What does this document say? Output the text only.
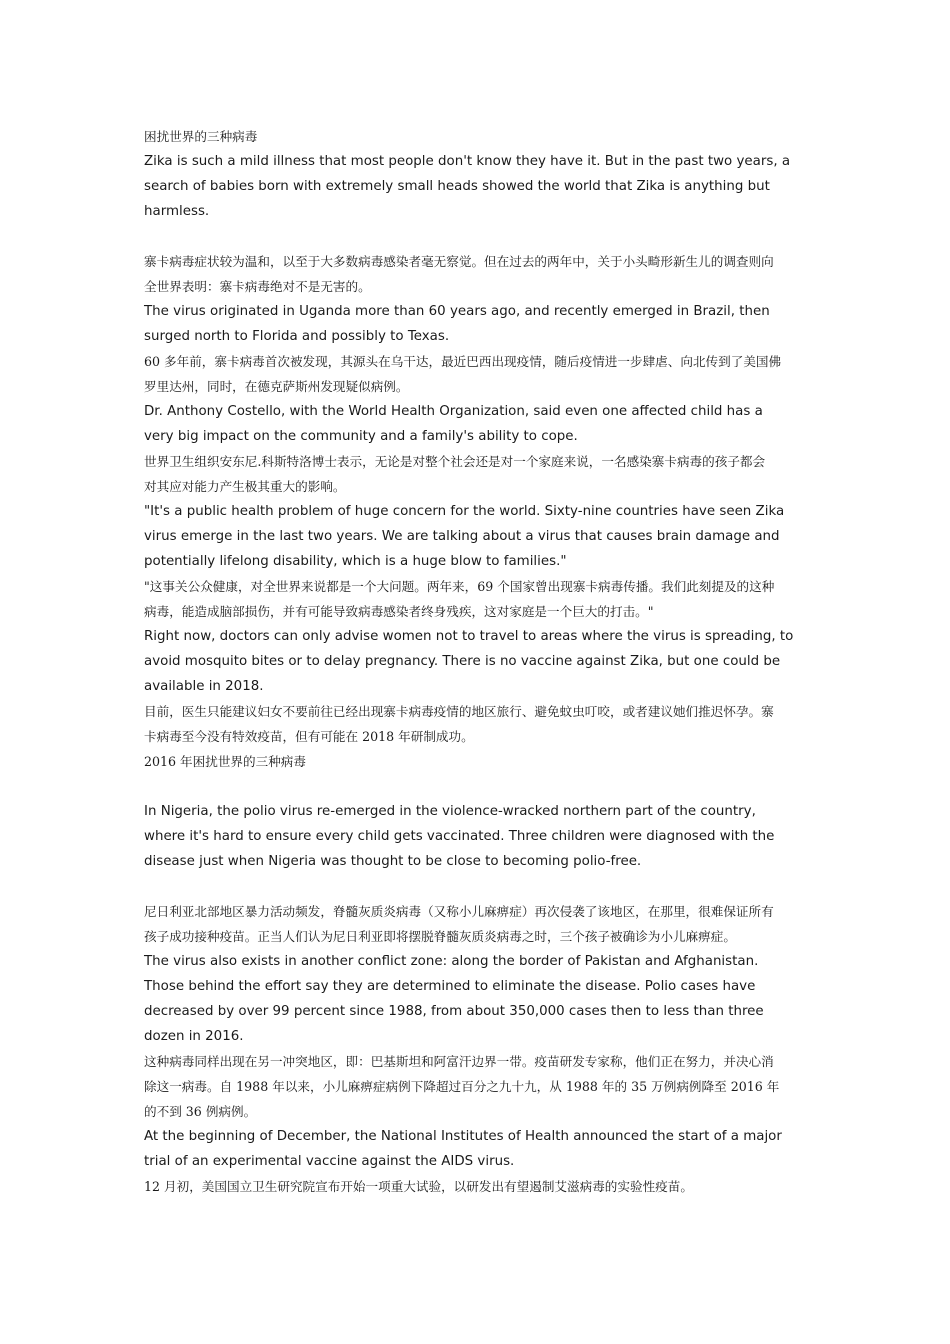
困扰世界的三种病毒
Zika is such a mild illness that most people don't know they have it. But in the past two years, a
search of babies born with extremely small heads showed the world that Zika is anything but
harmless.
寨卡病毒症状较为温和，以至于大多数病毒感染者毫无察觉。但在过去的两年中，关于小头畸形新生儿的调查则向
全世界表明：寨卡病毒绝对不是无害的。
The virus originated in Uganda more than 60 years ago, and recently emerged in Brazil, then
surged north to Florida and possibly to Texas.
60 多年前，寨卡病毒首次被发现，其源头在乌干达，最近巴西出现疫情，随后疫情进一步肆虐、向北传到了美国佛
罗里达州，同时，在德克萨斯州发现疑似病例。
Dr. Anthony Costello, with the World Health Organization, said even one affected child has a
very big impact on the community and a family's ability to cope.
世界卫生组织安东尼.科斯特洛博士表示，无论是对整个社会还是对一个家庭来说，一名感染寨卡病毒的孩子都会
对其应对能力产生极其重大的影响。
"It's a public health problem of huge concern for the world. Sixty-nine countries have seen Zika
virus emerge in the last two years. We are talking about a virus that causes brain damage and
potentially lifelong disability, which is a huge blow to families."
"这事关公众健康，对全世界来说都是一个大问题。两年来，69 个国家曾出现寨卡病毒传播。我们此刻提及的这种
病毒，能造成脑部损伤，并有可能导致病毒感染者终身残疾，这对家庭是一个巨大的打击。"
Right now, doctors can only advise women not to travel to areas where the virus is spreading, to
avoid mosquito bites or to delay pregnancy. There is no vaccine against Zika, but one could be
available in 2018.
目前，医生只能建议妇女不要前往已经出现寨卡病毒疫情的地区旅行、避免蚊虫叮咬，或者建议她们推迟怀孕。寨
卡病毒至今没有特效疫苗，但有可能在 2018 年研制成功。
2016 年困扰世界的三种病毒
In Nigeria, the polio virus re-emerged in the violence-wracked northern part of the country,
where it's hard to ensure every child gets vaccinated. Three children were diagnosed with the
disease just when Nigeria was thought to be close to becoming polio-free.
尼日利亚北部地区暴力活动频发，脊髓灰质炎病毒（又称小儿麻痹症）再次侵袭了该地区，在那里，很难保证所有
孩子成功接种疫苗。正当人们认为尼日利亚即将摆脱脊髓灰质炎病毒之时，三个孩子被确诊为小儿麻痹症。
The virus also exists in another conflict zone: along the border of Pakistan and Afghanistan.
Those behind the effort say they are determined to eliminate the disease. Polio cases have
decreased by over 99 percent since 1988, from about 350,000 cases then to less than three
dozen in 2016.
这种病毒同样出现在另一冲突地区，即：巴基斯坦和阿富汗边界一带。疫苗研发专家称，他们正在努力，并决心消
除这一病毒。自 1988 年以来，小儿麻痹症病例下降超过百分之九十九，从 1988 年的 35 万例病例降至 2016 年
的不到 36 例病例。
At the beginning of December, the National Institutes of Health announced the start of a major
trial of an experimental vaccine against the AIDS virus.
12 月初，美国国立卫生研究院宣布开始一项重大试验，以研发出有望遏制艾滋病毒的实验性疫苗。
